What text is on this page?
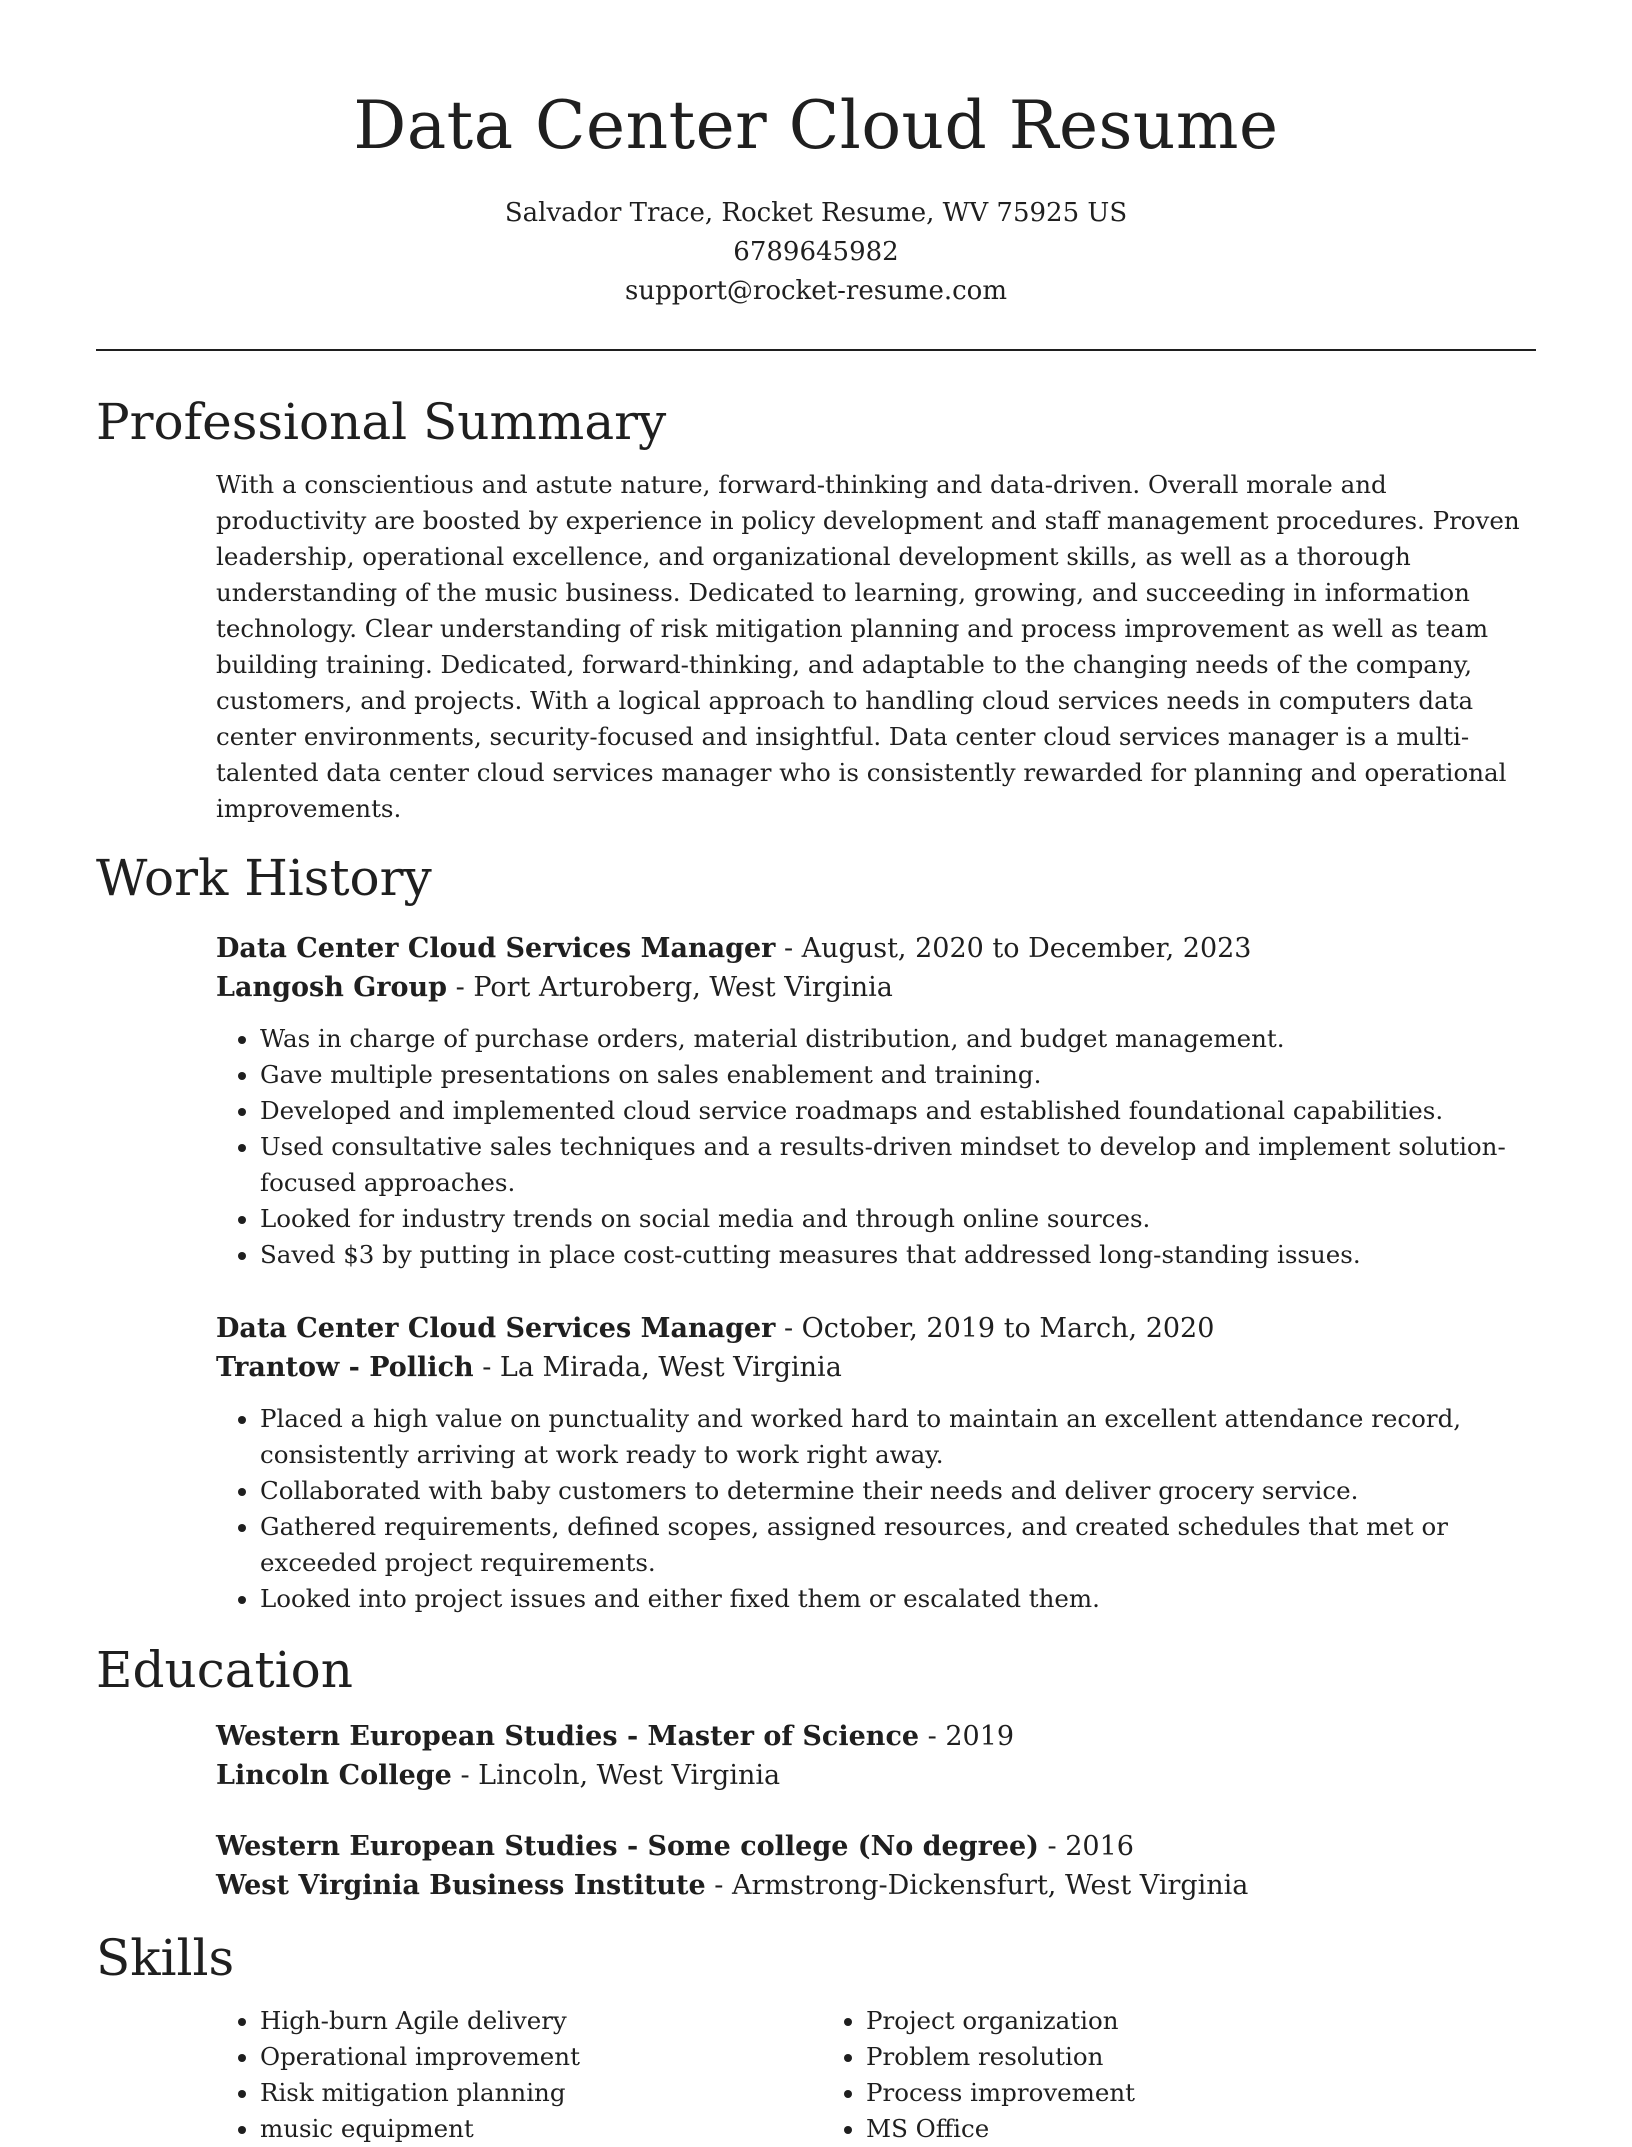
Data Center Cloud Resume
Salvador Trace, Rocket Resume, WV 75925 US
6789645982
support@rocket-resume.com
Professional Summary
With a conscientious and astute nature, forward-thinking and data-driven. Overall morale and productivity are boosted by experience in policy development and staff management procedures. Proven leadership, operational excellence, and organizational development skills, as well as a thorough understanding of the music business. Dedicated to learning, growing, and succeeding in information technology. Clear understanding of risk mitigation planning and process improvement as well as team building training. Dedicated, forward-thinking, and adaptable to the changing needs of the company, customers, and projects. With a logical approach to handling cloud services needs in computers data center environments, security-focused and insightful. Data center cloud services manager is a multi-talented data center cloud services manager who is consistently rewarded for planning and operational improvements.
Work History
Data Center Cloud Services Manager - August, 2020 to December, 2023
Langosh Group - Port Arturoberg, West Virginia
• Was in charge of purchase orders, material distribution, and budget management.
• Gave multiple presentations on sales enablement and training.
• Developed and implemented cloud service roadmaps and established foundational capabilities.
• Used consultative sales techniques and a results-driven mindset to develop and implement solution-focused approaches.
• Looked for industry trends on social media and through online sources.
• Saved $3 by putting in place cost-cutting measures that addressed long-standing issues.
Data Center Cloud Services Manager - October, 2019 to March, 2020
Trantow - Pollich - La Mirada, West Virginia
• Placed a high value on punctuality and worked hard to maintain an excellent attendance record, consistently arriving at work ready to work right away.
• Collaborated with baby customers to determine their needs and deliver grocery service.
• Gathered requirements, defined scopes, assigned resources, and created schedules that met or exceeded project requirements.
• Looked into project issues and either fixed them or escalated them.
Education
Western European Studies - Master of Science - 2019
Lincoln College - Lincoln, West Virginia
Western European Studies - Some college (No degree) - 2016
West Virginia Business Institute - Armstrong-Dickensfurt, West Virginia
Skills
• High-burn Agile delivery
• Operational improvement
• Risk mitigation planning
• music equipment
• Project organization
• Problem resolution
• Process improvement
• MS Office
